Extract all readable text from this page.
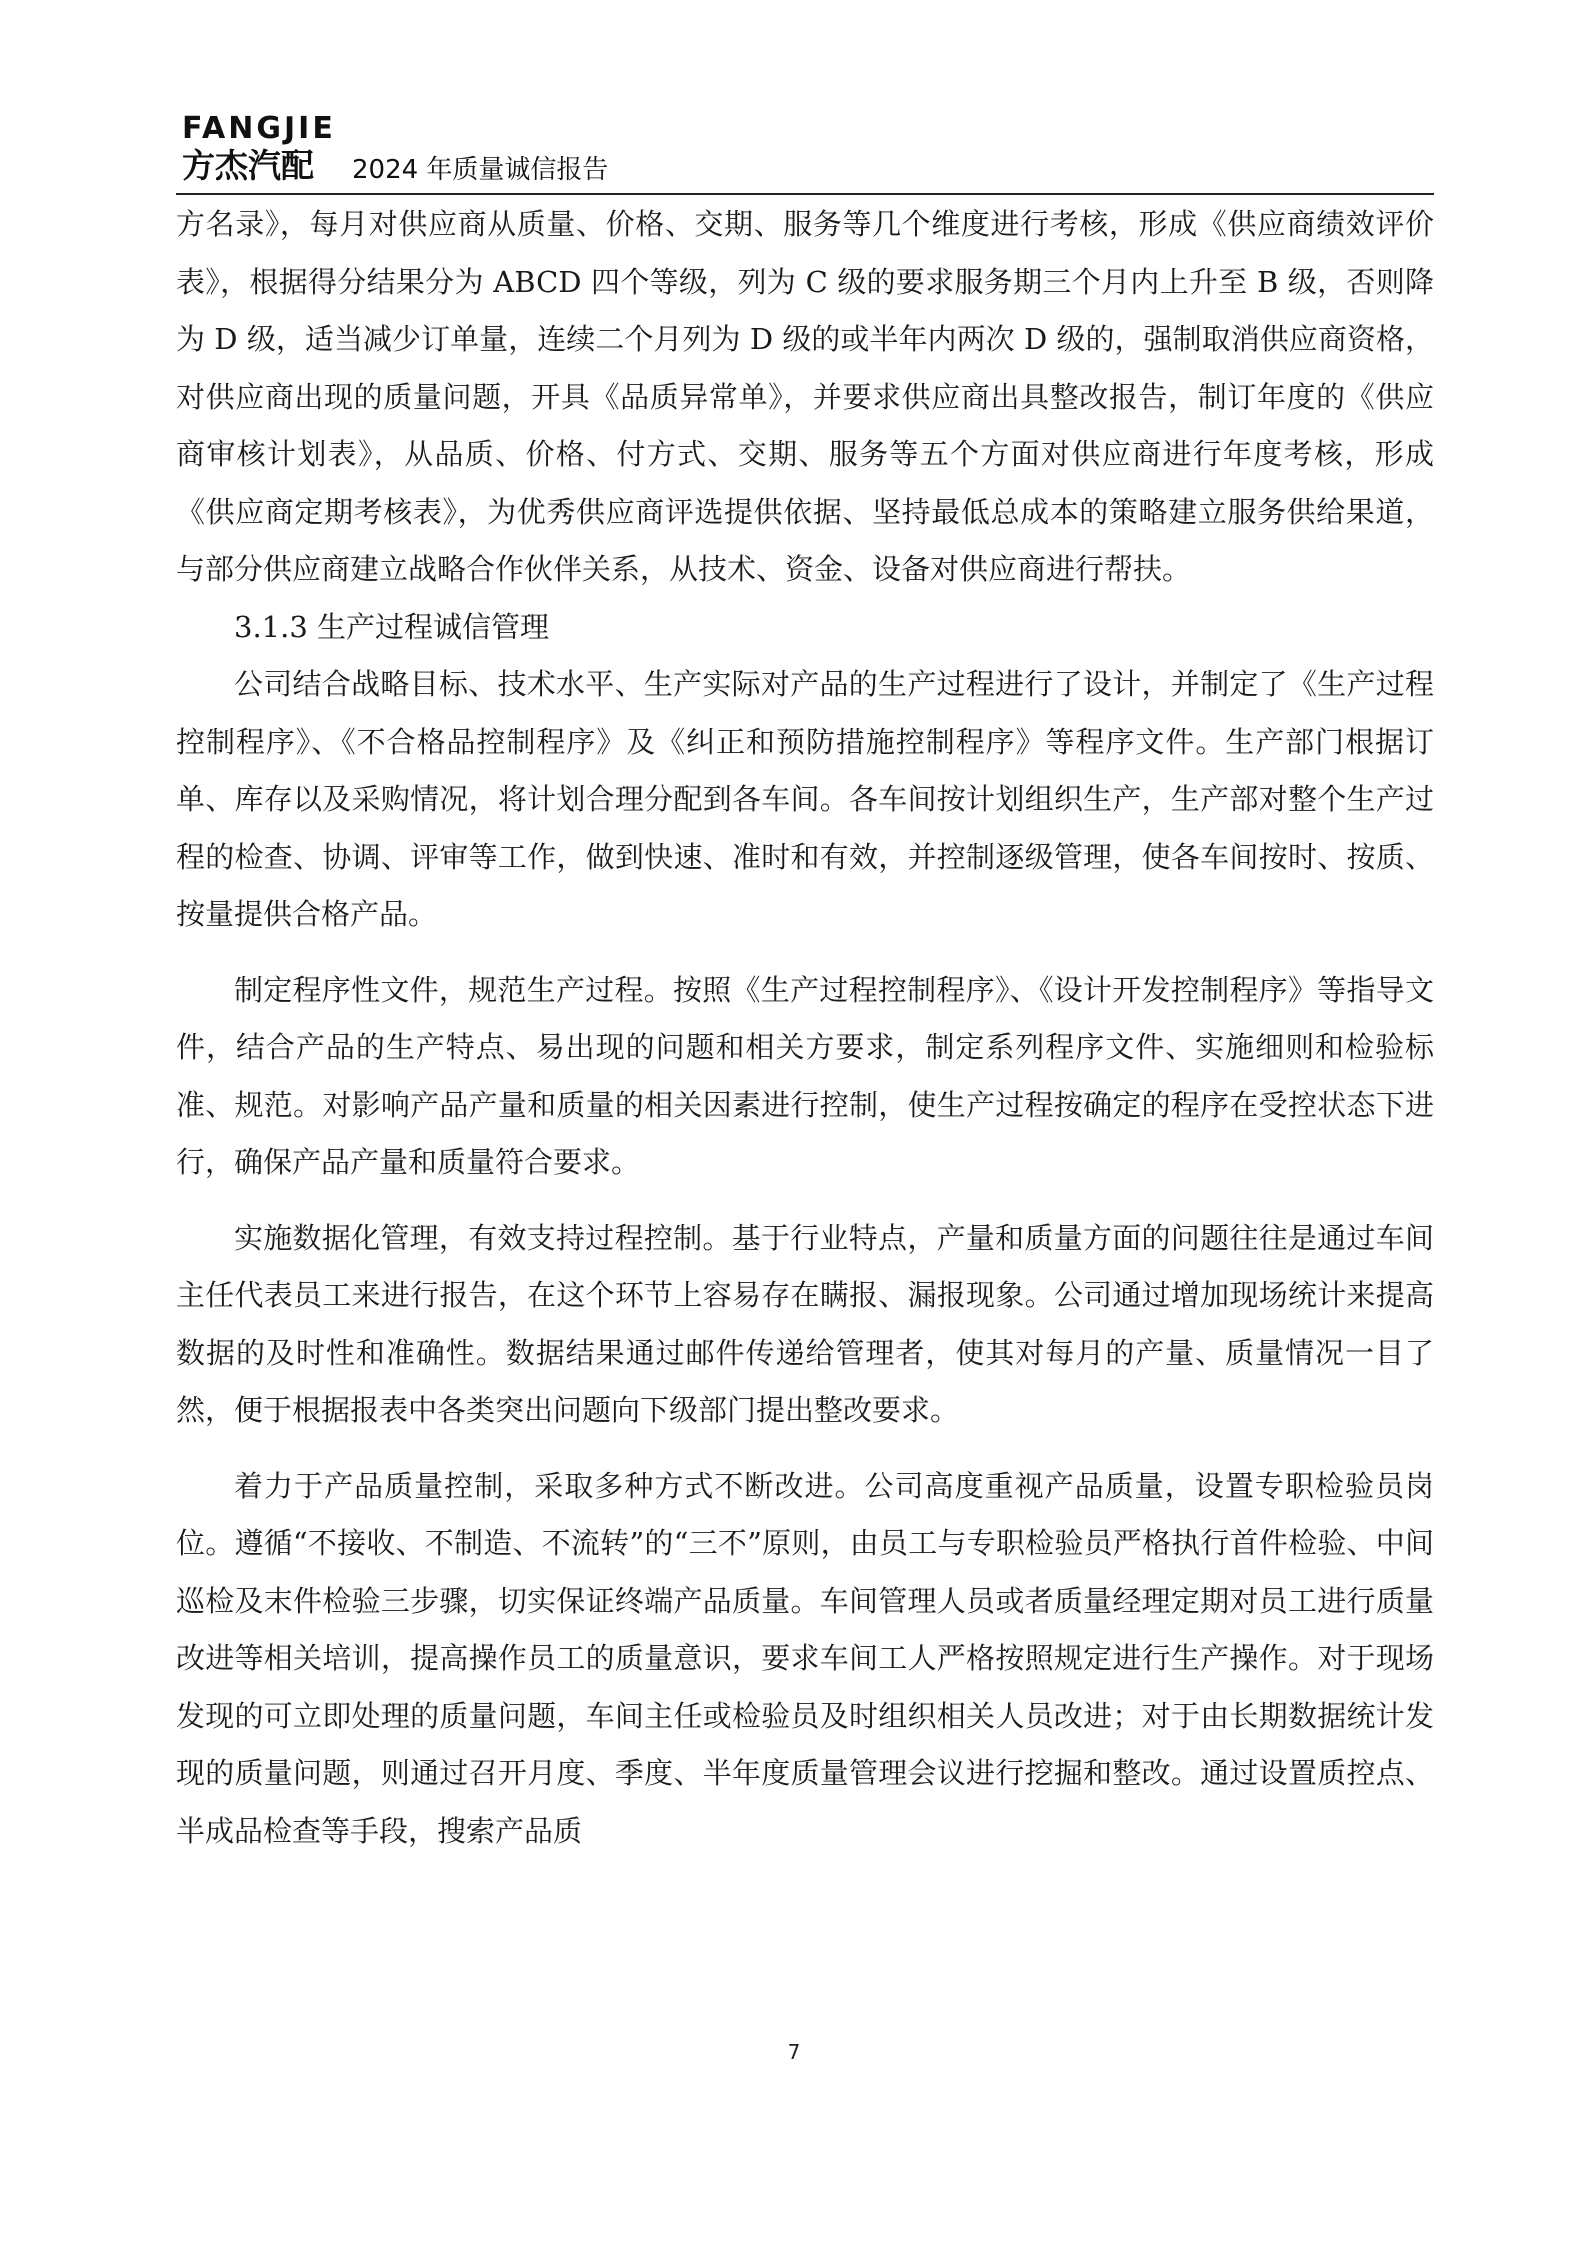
FANGJIE
方杰汽配 2024 年质量诚信报告

方名录》，每月对供应商从质量、价格、交期、服务等几个维度进行考核，形成《供应商绩效评价表》，根据得分结果分为 ABCD 四个等级，列为 C 级的要求服务期三个月内上升至 B 级，否则降为 D 级，适当减少订单量，连续二个月列为 D 级的或半年内两次 D 级的，强制取消供应商资格，对供应商出现的质量问题，开具《品质异常单》，并要求供应商出具整改报告，制订年度的《供应商审核计划表》，从品质、价格、付方式、交期、服务等五个方面对供应商进行年度考核，形成《供应商定期考核表》，为优秀供应商评选提供依据、坚持最低总成本的策略建立服务供给果道，与部分供应商建立战略合作伙伴关系，从技术、资金、设备对供应商进行帮扶。

3.1.3 生产过程诚信管理

公司结合战略目标、技术水平、生产实际对产品的生产过程进行了设计，并制定了《生产过程控制程序》、《不合格品控制程序》及《纠正和预防措施控制程序》等程序文件。生产部门根据订单、库存以及采购情况，将计划合理分配到各车间。各车间按计划组织生产，生产部对整个生产过程的检查、协调、评审等工作，做到快速、准时和有效，并控制逐级管理，使各车间按时、按质、按量提供合格产品。

制定程序性文件，规范生产过程。按照《生产过程控制程序》、《设计开发控制程序》等指导文件，结合产品的生产特点、易出现的问题和相关方要求，制定系列程序文件、实施细则和检验标准、规范。对影响产品产量和质量的相关因素进行控制，使生产过程按确定的程序在受控状态下进行，确保产品产量和质量符合要求。

实施数据化管理，有效支持过程控制。基于行业特点，产量和质量方面的问题往往是通过车间主任代表员工来进行报告，在这个环节上容易存在瞒报、漏报现象。公司通过增加现场统计来提高数据的及时性和准确性。数据结果通过邮件传递给管理者，使其对每月的产量、质量情况一目了然，便于根据报表中各类突出问题向下级部门提出整改要求。

着力于产品质量控制，采取多种方式不断改进。公司高度重视产品质量，设置专职检验员岗位。遵循“不接收、不制造、不流转”的“三不”原则，由员工与专职检验员严格执行首件检验、中间巡检及末件检验三步骤，切实保证终端产品质量。车间管理人员或者质量经理定期对员工进行质量改进等相关培训，提高操作员工的质量意识，要求车间工人严格按照规定进行生产操作。对于现场发现的可立即处理的质量问题，车间主任或检验员及时组织相关人员改进；对于由长期数据统计发现的质量问题，则通过召开月度、季度、半年度质量管理会议进行挖掘和整改。通过设置质控点、半成品检查等手段，搜索产品质

7
